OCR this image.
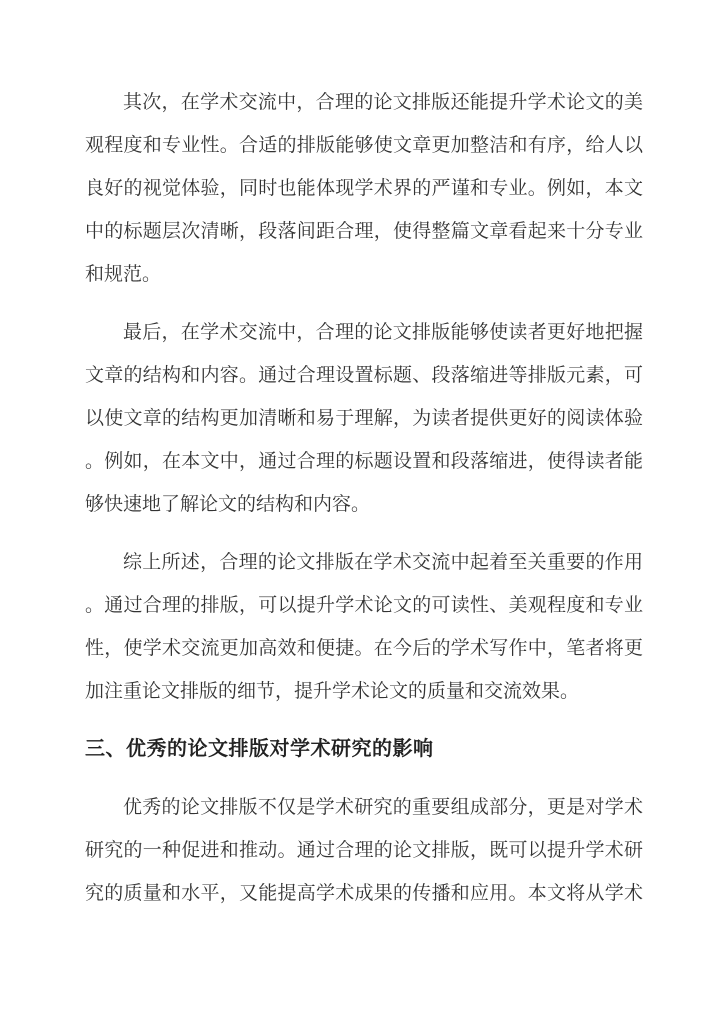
其次，在学术交流中，合理的论文排版还能提升学术论文的美
观程度和专业性。合适的排版能够使文章更加整洁和有序，给人以
良好的视觉体验，同时也能体现学术界的严谨和专业。例如，本文
中的标题层次清晰，段落间距合理，使得整篇文章看起来十分专业
和规范。
最后，在学术交流中，合理的论文排版能够使读者更好地把握
文章的结构和内容。通过合理设置标题、段落缩进等排版元素，可
以使文章的结构更加清晰和易于理解，为读者提供更好的阅读体验
。例如，在本文中，通过合理的标题设置和段落缩进，使得读者能
够快速地了解论文的结构和内容。
综上所述，合理的论文排版在学术交流中起着至关重要的作用
。通过合理的排版，可以提升学术论文的可读性、美观程度和专业
性，使学术交流更加高效和便捷。在今后的学术写作中，笔者将更
加注重论文排版的细节，提升学术论文的质量和交流效果。
三、优秀的论文排版对学术研究的影响
优秀的论文排版不仅是学术研究的重要组成部分，更是对学术
研究的一种促进和推动。通过合理的论文排版，既可以提升学术研
究的质量和水平，又能提高学术成果的传播和应用。本文将从学术
